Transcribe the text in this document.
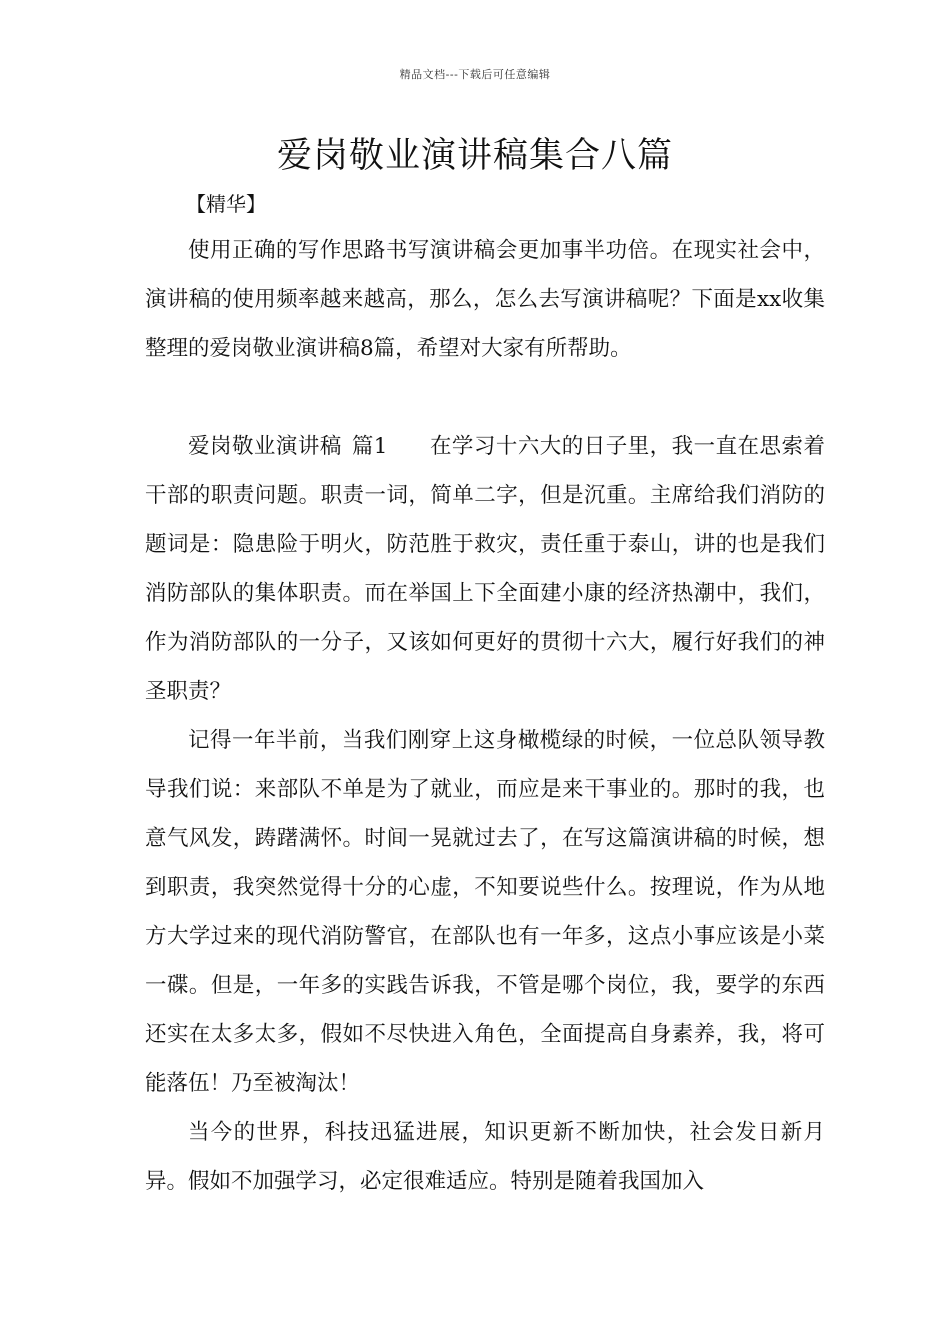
精品文档---下载后可任意编辑
爱岗敬业演讲稿集合八篇
【精华】

使用正确的写作思路书写演讲稿会更加事半功倍。在现实社会中，演讲稿的使用频率越来越高，那么，怎么去写演讲稿呢？下面是xx收集整理的爱岗敬业演讲稿8篇，希望对大家有所帮助。

爱岗敬业演讲稿 篇1 在学习十六大的日子里，我一直在思索着干部的职责问题。职责一词，简单二字，但是沉重。主席给我们消防的题词是：隐患险于明火，防范胜于救灾，责任重于泰山，讲的也是我们消防部队的集体职责。而在举国上下全面建小康的经济热潮中，我们，作为消防部队的一分子，又该如何更好的贯彻十六大，履行好我们的神圣职责？

记得一年半前，当我们刚穿上这身橄榄绿的时候，一位总队领导教导我们说：来部队不单是为了就业，而应是来干事业的。那时的我，也意气风发，踌躇满怀。时间一晃就过去了，在写这篇演讲稿的时候，想到职责，我突然觉得十分的心虚，不知要说些什么。按理说，作为从地方大学过来的现代消防警官，在部队也有一年多，这点小事应该是小菜一碟。但是，一年多的实践告诉我，不管是哪个岗位，我，要学的东西还实在太多太多，假如不尽快进入角色，全面提高自身素养，我，将可能落伍！乃至被淘汰！

当今的世界，科技迅猛进展，知识更新不断加快，社会发日新月异。假如不加强学习，必定很难适应。特别是随着我国加入
